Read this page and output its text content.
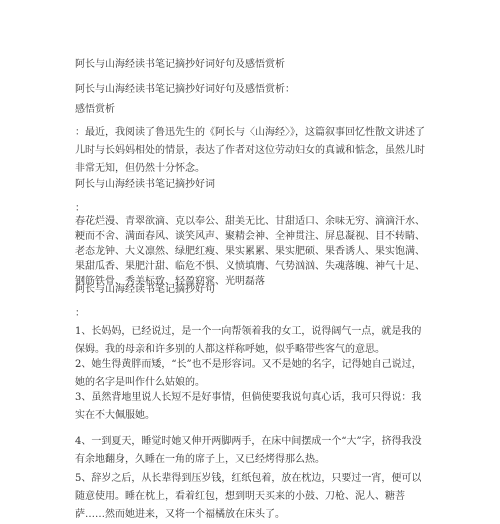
阿长与山海经读书笔记摘抄好词好句及感悟赏析

阿长与山海经读书笔记摘抄好词好句及感悟赏析：

感悟赏析

：最近，我阅读了鲁迅先生的《阿长与〈山海经〉》，这篇叙事回忆性散文讲述了儿时与长妈妈相处的情景，表达了作者对这位劳动妇女的真诚和惦念，虽然儿时非常无知，但仍然十分怀念。

阿长与山海经读书笔记摘抄好词

：

春花烂漫、青翠欲滴、克以奉公、甜美无比、甘甜适口、余味无穷、滴滴汗水、粳而不舍、满面春风、谈笑风声、聚精会神、全神贯注、屏息凝视、目不转睛、老态龙钟、大义凛然、绿肥红瘦、果实累累、果实肥硕、果香诱人、果实饱满、果甜瓜香、果肥汁甜、临危不惧、义愤填膺、气势汹汹、失魂落魄、神气十足、钢筋铁骨、秀美标致、轻盈窈窕、光明磊落

阿长与山海经读书笔记摘抄好句

：

1、长妈妈，已经说过，是一个一向帮领着我的女工，说得阔气一点，就是我的保姆。我的母亲和许多别的人都这样称呼她，似乎略带些客气的意思。

2、她生得黄胖而矮，“长”也不是形容词。又不是她的名字，记得她自己说过，她的名字是叫作什么姑娘的。

3、虽然背地里说人长短不是好事情，但倘使要我说句真心话，我可只得说：我实在不大佩服她。

4、一到夏天，睡觉时她又伸开两脚两手，在床中间摆成一个“大”字，挤得我没有余地翻身，久睡在一角的席子上，又已经烤得那么热。

5、辞岁之后，从长辈得到压岁钱，红纸包着，放在枕边，只要过一宵，便可以随意使用。睡在枕上，看着红包，想到明天买来的小鼓、刀枪、泥人、糖菩萨……然而她进来，又将一个福橘放在床头了。
